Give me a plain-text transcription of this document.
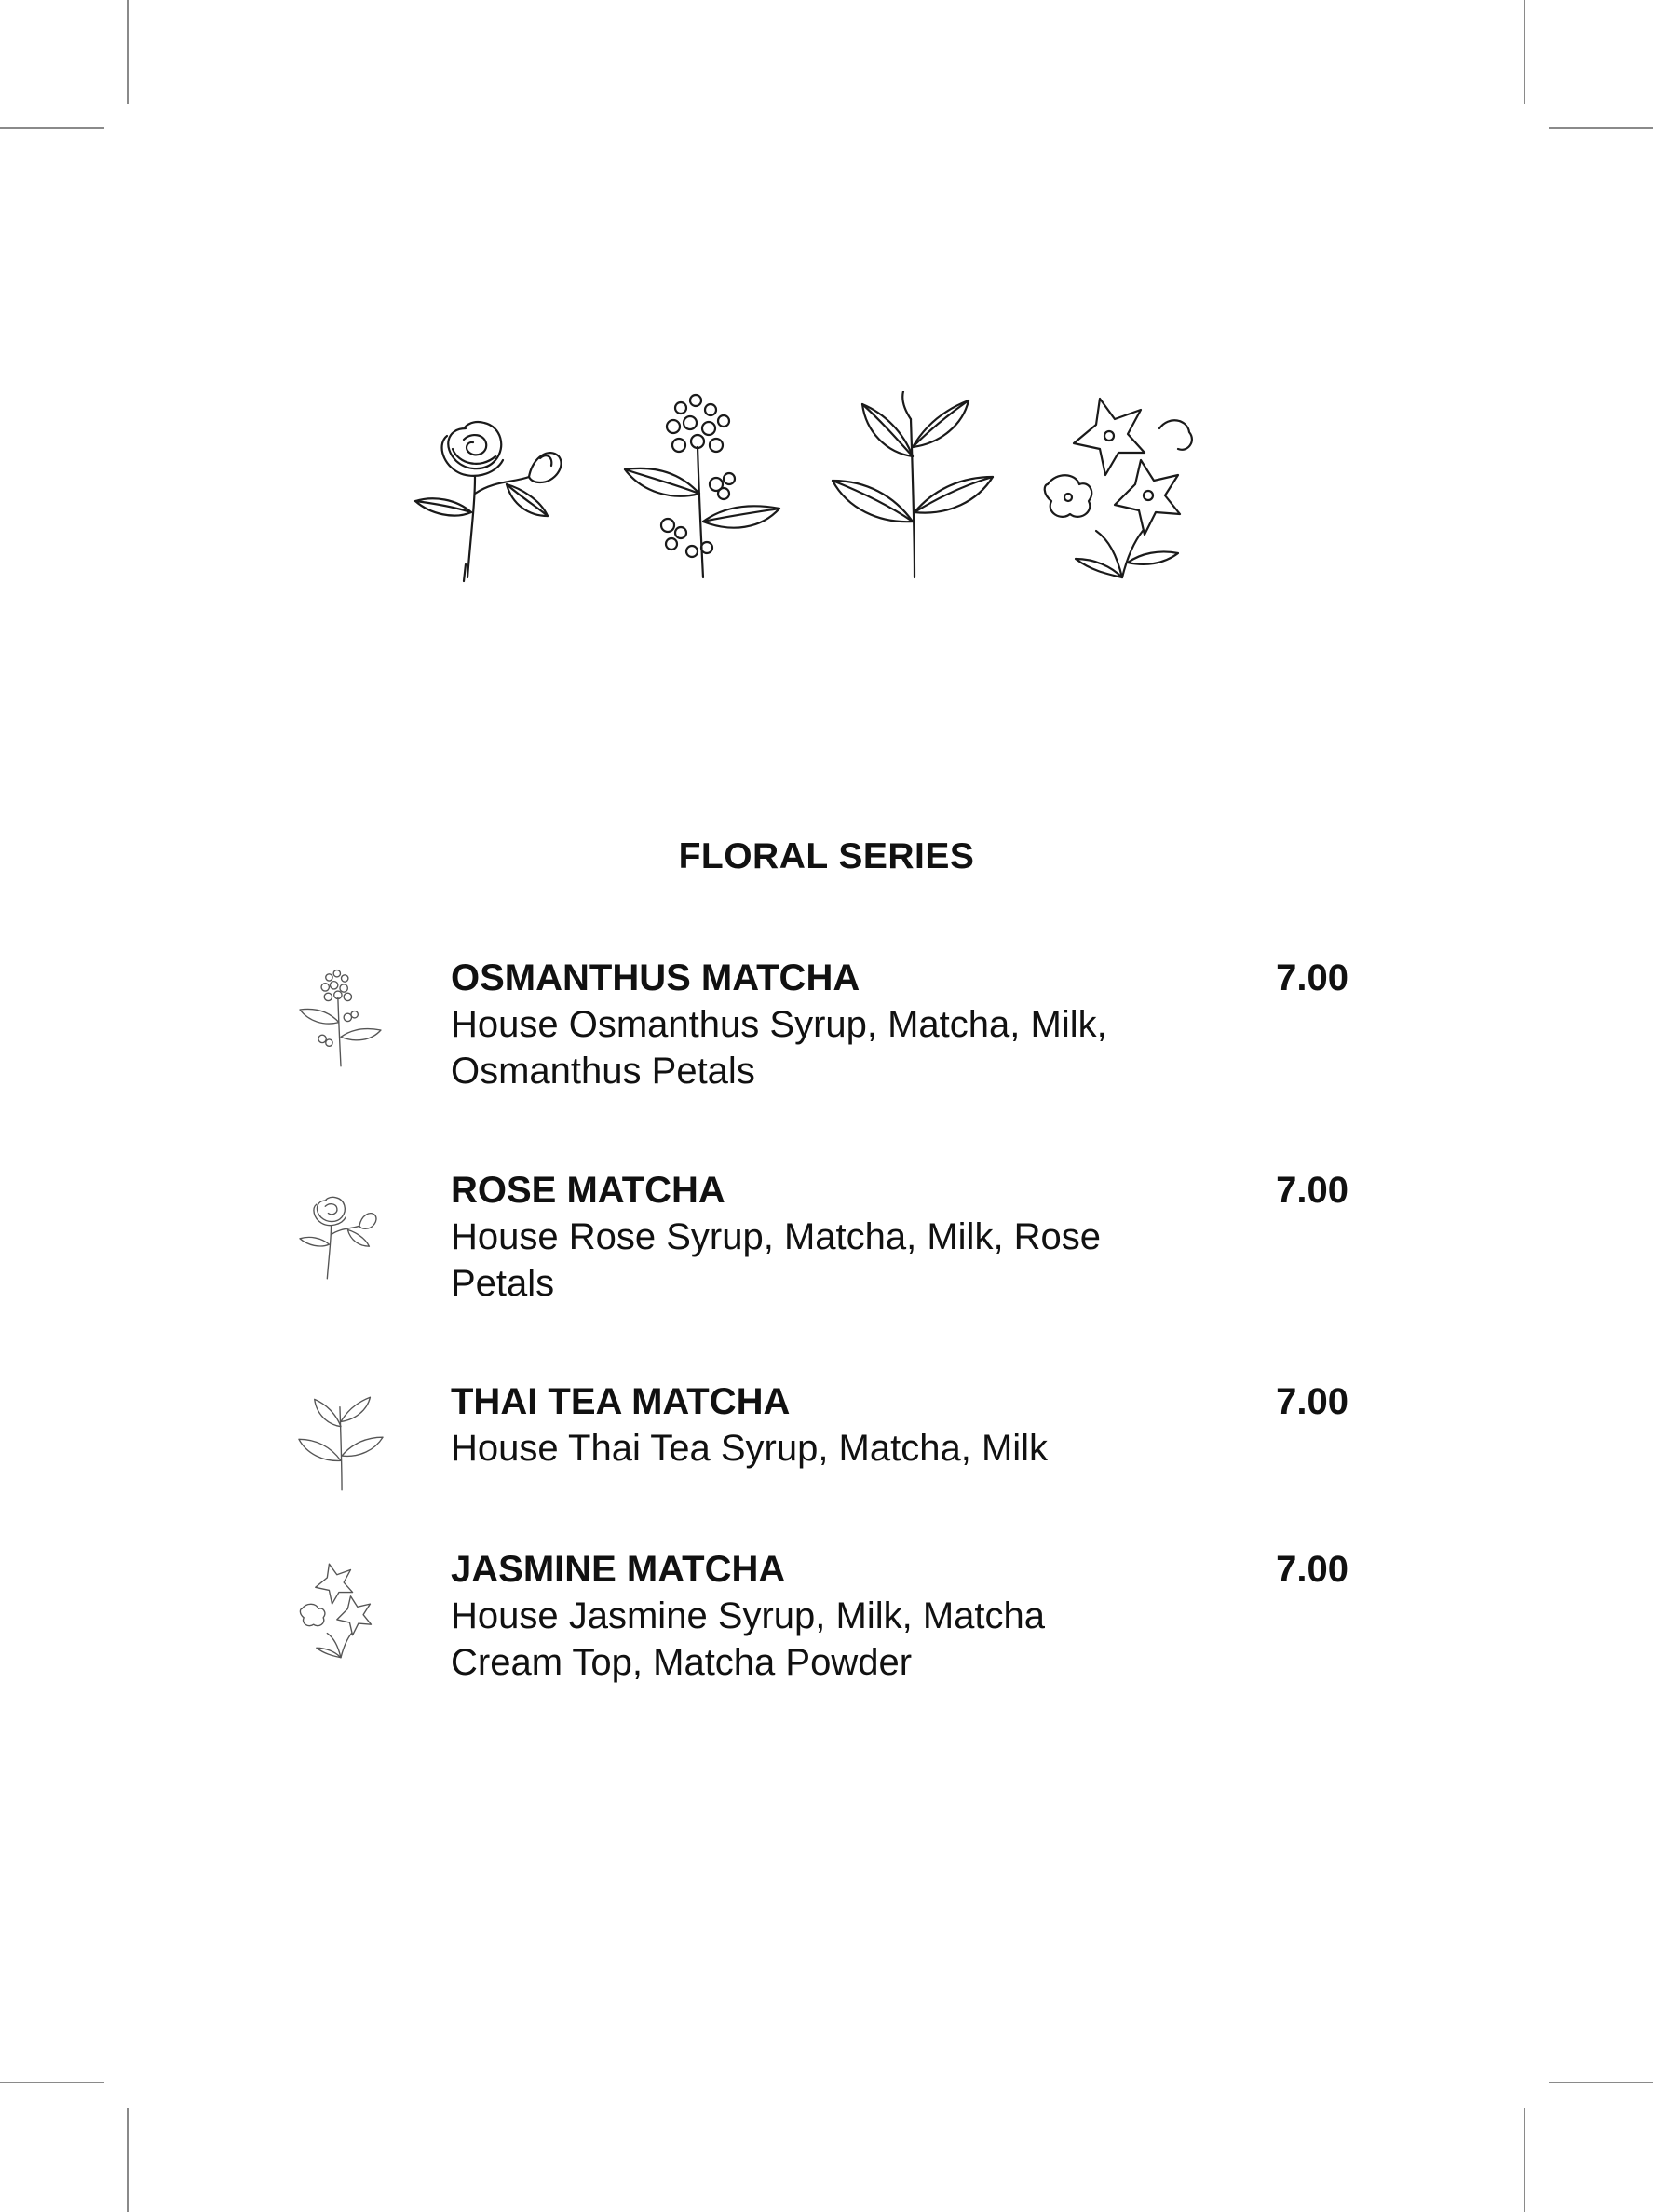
FLORAL SERIES
OSMANTHUS MATCHA	7.00
House Osmanthus Syrup, Matcha, Milk, Osmanthus Petals
ROSE MATCHA	7.00
House Rose Syrup, Matcha, Milk, Rose Petals
THAI TEA MATCHA	7.00
House Thai Tea Syrup, Matcha, Milk
JASMINE MATCHA	7.00
House Jasmine Syrup, Milk, Matcha Cream Top, Matcha Powder
